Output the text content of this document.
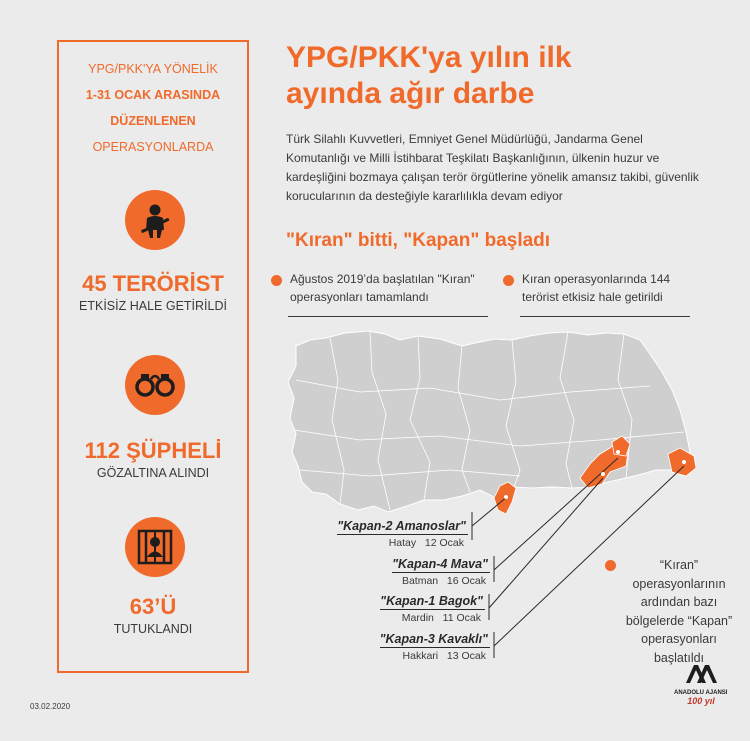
YPG/PKK'YA YÖNELİK
1-31 OCAK ARASINDA
DÜZENLENEN
OPERASYONLARDA
45 TERÖRİST
ETKİSİZ HALE GETİRİLDİ
112 ŞÜPHELİ
GÖZALTINA ALINDI
63’Ü
TUTUKLANDI
YPG/PKK'ya yılın ilk
ayında ağır darbe
Türk Silahlı Kuvvetleri, Emniyet Genel Müdürlüğü, Jandarma Genel Komutanlığı ve Milli İstihbarat Teşkilatı Başkanlığının, ülkenin huzur ve kardeşliğini bozmaya çalışan terör örgütlerine yönelik amansız takibi, güvenlik korucularının da desteğiyle kararlılıkla devam ediyor
"Kıran" bitti, "Kapan" başladı
Ağustos 2019’da başlatılan "Kıran" operasyonları tamamlandı
Kıran operasyonlarında 144 terörist etkisiz hale getirildi
"Kapan-2 Amanoslar"
Hatay 12 Ocak
"Kapan-4 Mava"
Batman 16 Ocak
"Kapan-1 Bagok"
Mardin 11 Ocak
"Kapan-3 Kavaklı"
Hakkari 13 Ocak
“Kıran” operasyonlarının ardından bazı bölgelerde “Kapan” operasyonları başlatıldı
03.02.2020
ANADOLU AJANSI
100 yıl
